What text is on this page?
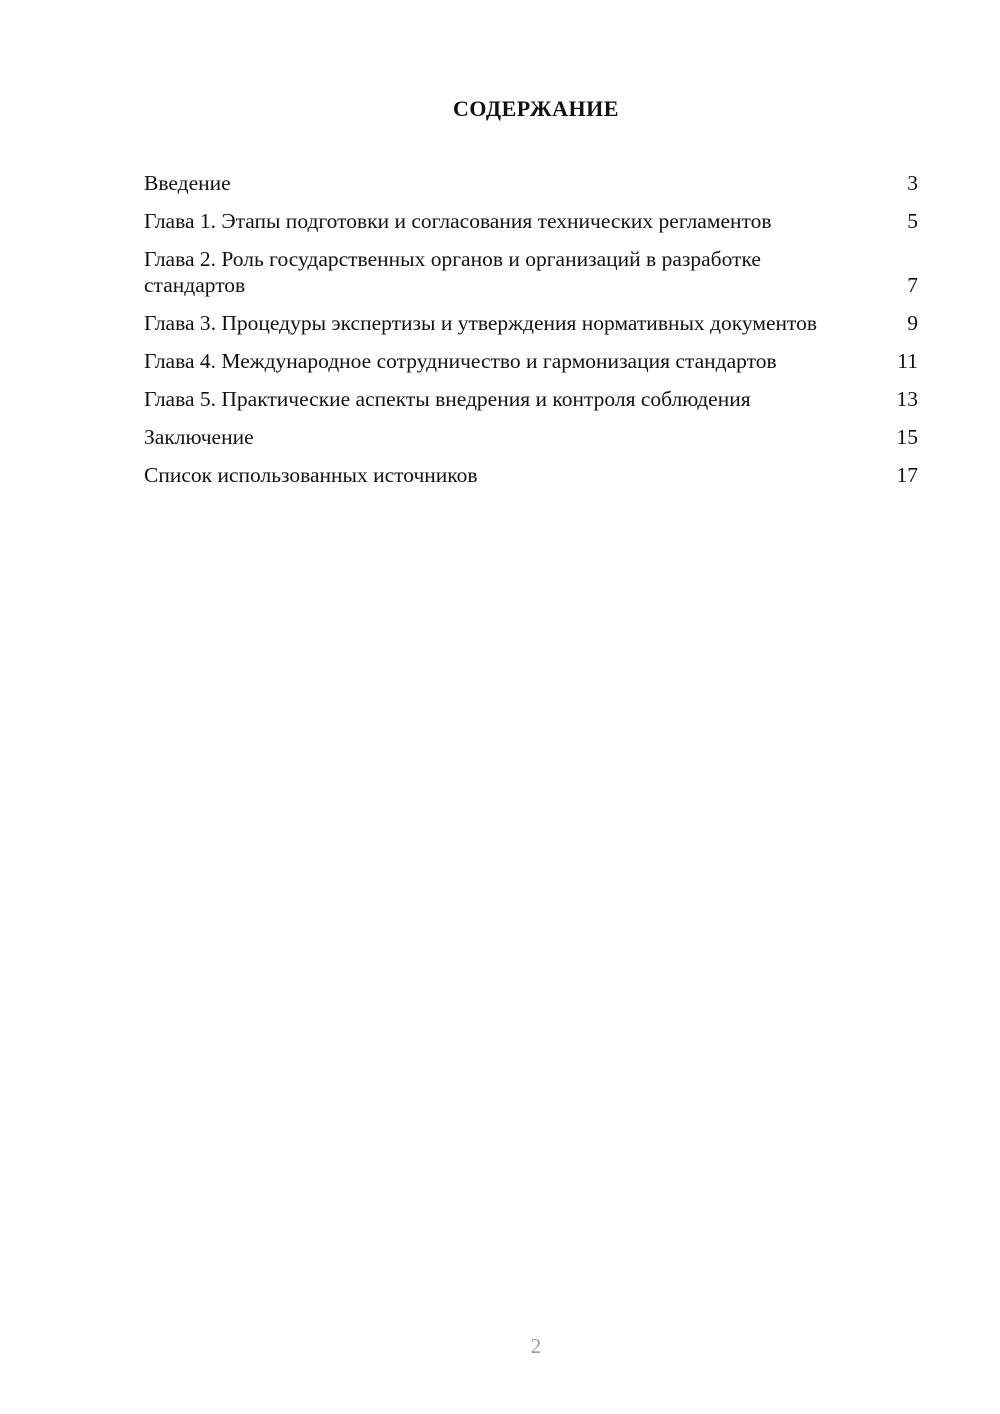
СОДЕРЖАНИЕ
Введение	3
Глава 1. Этапы подготовки и согласования технических регламентов	5
Глава 2. Роль государственных органов и организаций в разработке стандартов	7
Глава 3. Процедуры экспертизы и утверждения нормативных документов	9
Глава 4. Международное сотрудничество и гармонизация стандартов	11
Глава 5. Практические аспекты внедрения и контроля соблюдения	13
Заключение	15
Список использованных источников	17
2
